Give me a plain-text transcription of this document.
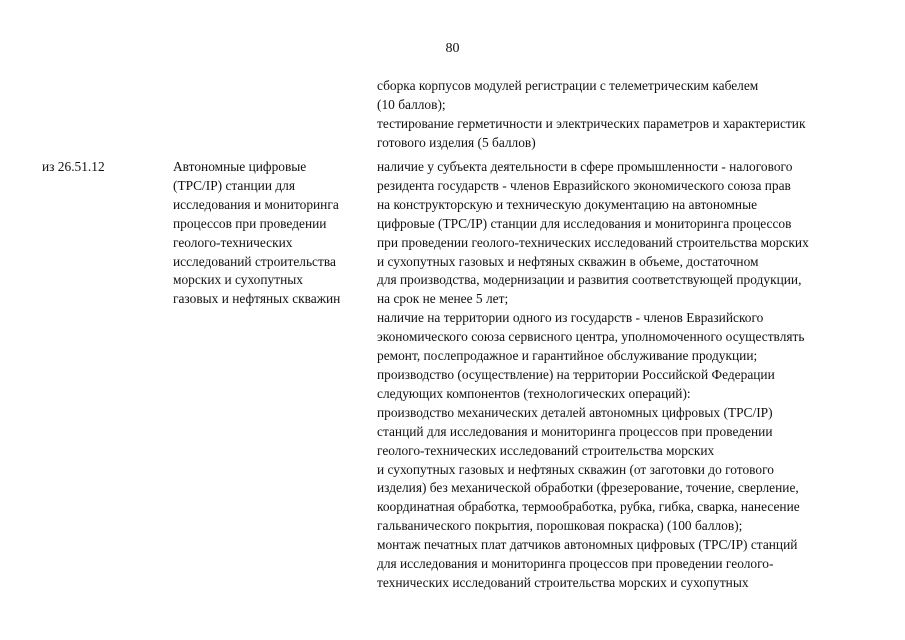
80
сборка корпусов модулей регистрации с телеметрическим кабелем
(10 баллов);
тестирование герметичности и электрических параметров и характеристик
готового изделия (5 баллов)
из 26.51.12	Автономные цифровые
(TPC/IP) станции для
исследования и мониторинга
процессов при проведении
геолого-технических
исследований строительства
морских и сухопутных
газовых и нефтяных скважин
наличие у субъекта деятельности в сфере промышленности - налогового
резидента государств - членов Евразийского экономического союза прав
на конструкторскую и техническую документацию на автономные
цифровые (TPC/IP) станции для исследования и мониторинга процессов
при проведении геолого-технических исследований строительства морских
и сухопутных газовых и нефтяных скважин в объеме, достаточном
для производства, модернизации и развития соответствующей продукции,
на срок не менее 5 лет;
наличие на территории одного из государств - членов Евразийского
экономического союза сервисного центра, уполномоченного осуществлять
ремонт, послепродажное и гарантийное обслуживание продукции;
производство (осуществление) на территории Российской Федерации
следующих компонентов (технологических операций):
производство механических деталей автономных цифровых (TPC/IP)
станций для исследования и мониторинга процессов при проведении
геолого-технических исследований строительства морских
и сухопутных газовых и нефтяных скважин (от заготовки до готового
изделия) без механической обработки (фрезерование, точение, сверление,
координатная обработка, термообработка, рубка, гибка, сварка, нанесение
гальванического покрытия, порошковая покраска) (100 баллов);
монтаж печатных плат датчиков автономных цифровых (TPC/IP) станций
для исследования и мониторинга процессов при проведении геолого-
технических исследований строительства морских и сухопутных
